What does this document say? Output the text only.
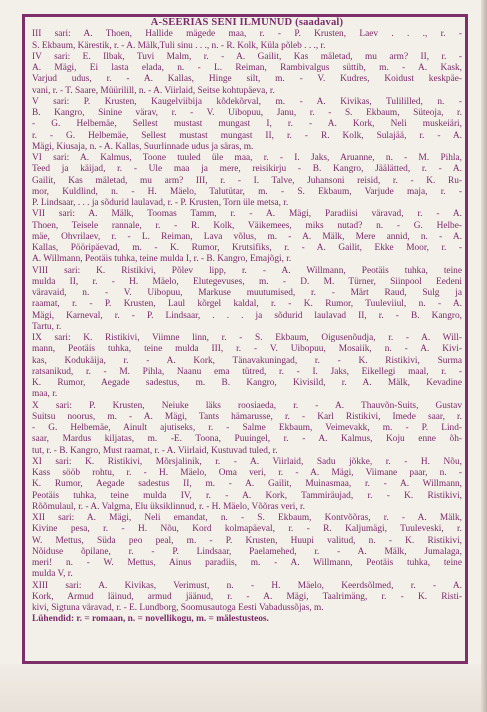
A-SEERIAS SENI ILMUNUD (saadaval)
III sari: A. Thoen, Hallide mägede maa, r. - P. Krusten, Laev . . ., r. -
S. Ekbaum, Kärestik, r. - A. Mälk,Tuli sinu . . ., n. - R. Kolk, Küla põleb . . ., r.
IV sari: E. Ilbak, Tuvi Malm, r. - A. Gailit, Kas mäletad, mu arm? II, r. -
A. Mägi, Ei lasta elada, n. - L. Reiman, Rambivalgus süttib, m. - A. Kask,
Varjud udus, r. - A. Kallas, Hinge silt, m. - V. Kudres, Koidust keskpäe-
vani, r. - T. Saare, Müürilill, n. - A. Viirlaid, Seitse kohtupäeva, r.
V sari: P. Krusten, Kaugelviibija kõdekõrval, m. - A. Kivikas, Tulililled, n. -
B. Kangro, Sinine värav, r. - V. Uibopuu, Janu, r. - S. Ekbaum, Süteoja, r.
- G. Helbemäe, Sellest mustast mungast I, r. - A. Kork, Neli muskeiäri,
r. - G. Helbemäe, Sellest mustast mungast II, r. - R. Kolk, Sulajää, r. - A.
Mägi, Kiusaja, n. - A. Kallas, Suurlinnade udus ja säras, m.
VI sari: A. Kalmus, Toone tuuled üle maa, r. - I. Jaks, Aruanne, n. - M. Pihla,
Teed ja käijad, r. - Üle maa ja mere, reisikirju - B. Kangro, Jäälätted, r. - A.
Gailit, Kas mäletad, mu arm? III, r. - I. Talve, Juhansoni reisid, r. - K. Ru-
mor, Kuldlind, n. - H. Mäelo, Talutütar, m. - S. Ekbaum, Varjude maja, r. -
P. Lindsaar, . . . ja sõdurid laulavad, r. - P. Krusten, Torn üle metsa, r.
VII sari: A. Mälk, Toomas Tamm, r. - A. Mägi, Paradiisi väravad, r. - A.
Thoen, Teisele rannale, r. - R. Kolk, Väikemees, miks nutad? n. - G. Helbe-
mäe, Ohvrilaev, r. - L. Reiman, Lava võlus, m. - A. Mälk, Mere annid, n. - A.
Kallas, Pööripäevad, m. - K. Rumor, Krutsifiks, r. - A. Gailit, Ekke Moor, r. -
A. Willmann, Peotäis tuhka, teine mulda I, r. - B. Kangro, Emajõgi, r.
VIII sari: K. Ristikivi, Põlev lipp, r. - A. Willmann, Peotäis tuhka, teine
mulda II, r. - H. Mäelo, Elutegevuses, m. - D. M. Türner, Siinpool Eedeni
väravaid, n. - V. Uibopuu, Markuse muutumised, r. - Märt Raud, Sulg ja
raamat, r. - P. Krusten, Laul kõrgel kaldal, r. - K. Rumor, Tuuleviiul, n. - A.
Mägi, Karneval, r. - P. Lindsaar, . . . ja sõdurid laulavad II, r. - B. Kangro,
Tartu, r.
IX sari: K. Ristikivi, Viimne linn, r. - S. Ekbaum, Õigusenõudja, r. - A. Will-
mann, Peotäis tuhka, teine mulda III, r. - V. Uibopuu, Mosaiik, n. - A. Kivi-
kas, Kodukäija, r. - A. Kork, Tänavakuningad, r. - K. Ristikivi, Surma
ratsanikud, r. - M. Pihla, Naanu ema tütred, r. - I. Jaks, Eikellegi maal, r. -
K. Rumor, Aegade sadestus, m. B. Kangro, Kivisild, r. A. Mälk, Kevadine
maa, r.
X sari: P. Krusten, Neiuke läks roosiaeda, r. - A. Thauvõn-Suits, Gustav
Suitsu noorus, m. - A. Mägi, Tants hämarusse, r. - Karl Ristikivi, Imede saar, r.
- G. Helbemäe, Ainult ajutiseks, r. - Salme Ekbaum, Veimevakk, m. - P. Lind-
saar, Mardus kiljatas, m. -E. Toona, Puuingel, r. - A. Kalmus, Koju enne õh-
tut, r. - B. Kangro, Must raamat, r. - A. Viirlaid, Kustuvad tuled, r.
XI sari: K. Ristikivi, Mõrsjalinik, r. - A. Viirlaid, Sadu jõkke, r. - H. Nõu,
Kass sööb rohtu, r. - H. Mäelo, Oma veri, r. - A. Mägi, Viimane paar, n. -
K. Rumor, Aegade sadestus II, m. - A. Gailit, Muinasmaa, r. - A. Willmann,
Peotäis tuhka, teine mulda IV, r. - A. Kork, Tammiräujad, r. - K. Ristikivi,
Rõõmulaul, r. - A. Valgma, Elu üksiklinnud, r. - H. Mäelo, Võõras veri, r.
XII sari: A. Mägi, Neli emandat, n. - S. Ekbaum, Kontvõõras, r. - A. Mälk,
Kivine pesa, r. - H. Nõu, Kord kolmapäeval, r. - R. Kaljumägi, Tuuleveski, r.
W. Mettus, Süda peo peal, m. - P. Krusten, Huupi valitud, n. - K. Ristikivi,
Nõiduse õpilane, r. - P. Lindsaar, Paelamehed, r. - A. Mälk, Jumalaga,
meri! n. - W. Mettus, Ainus paradiis, m. - A. Willmann, Peotäis tuhka, teine
mulda V, r.
XIII sari: A. Kivikas, Verimust, n. - H. Mäelo, Keerdsõlmed, r. - A.
Kork, Armud läinud, armud jäänud, r. - A. Mägi, Taalrimäng, r. - K. Risti-
kivi, Sigtuna väravad, r. - E. Lundborg, Soomusautoga Eesti Vabadussõjas, m.
Lühendid: r. = romaan, n. = novellikogu, m. = mälestusteos.
